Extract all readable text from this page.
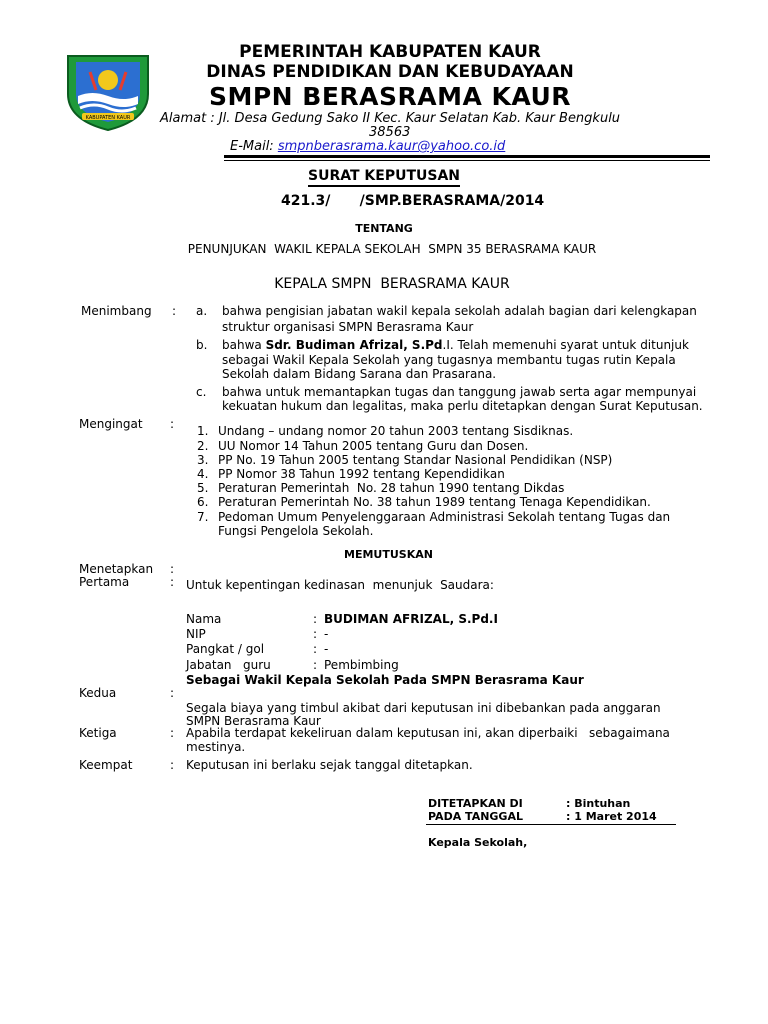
KABUPATEN KAUR
PEMERINTAH KABUPATEN KAUR
DINAS PENDIDIKAN DAN KEBUDAYAAN
SMPN BERASRAMA KAUR
Alamat : Jl. Desa Gedung Sako II Kec. Kaur Selatan Kab. Kaur Bengkulu
38563
E-Mail: smpnberasrama.kaur@yahoo.co.id
SURAT KEPUTUSAN
421.3/      /SMP.BERASRAMA/2014
TENTANG
PENUNJUKAN  WAKIL KEPALA SEKOLAH  SMPN 35 BERASRAMA KAUR
KEPALA SMPN  BERASRAMA KAUR
Menimbang : a. bahwa pengisian jabatan wakil kepala sekolah adalah bagian dari kelengkapan
struktur organisasi SMPN Berasrama Kaur
b. bahwa Sdr. Budiman Afrizal, S.Pd.I. Telah memenuhi syarat untuk ditunjuk
sebagai Wakil Kepala Sekolah yang tugasnya membantu tugas rutin Kepala
Sekolah dalam Bidang Sarana dan Prasarana.
c. bahwa untuk memantapkan tugas dan tanggung jawab serta agar mempunyai
kekuatan hukum dan legalitas, maka perlu ditetapkan dengan Surat Keputusan.
Mengingat : 1. Undang – undang nomor 20 tahun 2003 tentang Sisdiknas.
2. UU Nomor 14 Tahun 2005 tentang Guru dan Dosen.
3. PP No. 19 Tahun 2005 tentang Standar Nasional Pendidikan (NSP)
4. PP Nomor 38 Tahun 1992 tentang Kependidikan
5. Peraturan Pemerintah  No. 28 tahun 1990 tentang Dikdas
6. Peraturan Pemerintah No. 38 tahun 1989 tentang Tenaga Kependidikan.
7. Pedoman Umum Penyelenggaraan Administrasi Sekolah tentang Tugas dan
Fungsi Pengelola Sekolah.
MEMUTUSKAN
Menetapkan :
Pertama	: Untuk kepentingan kedinasan  menunjuk  Saudara:
Nama	: BUDIMAN AFRIZAL, S.Pd.I
NIP	: -
Pangkat / gol	: -
Jabatan   guru	: Pembimbing
Sebagai Wakil Kepala Sekolah Pada SMPN Berasrama Kaur
Kedua	:
Segala biaya yang timbul akibat dari keputusan ini dibebankan pada anggaran
SMPN Berasrama Kaur
Ketiga	: Apabila terdapat kekeliruan dalam keputusan ini, akan diperbaiki   sebagaimana
mestinya.
Keempat	: Keputusan ini berlaku sejak tanggal ditetapkan.
DITETAPKAN DI	: Bintuhan
PADA TANGGAL	: 1 Maret 2014
Kepala Sekolah,
